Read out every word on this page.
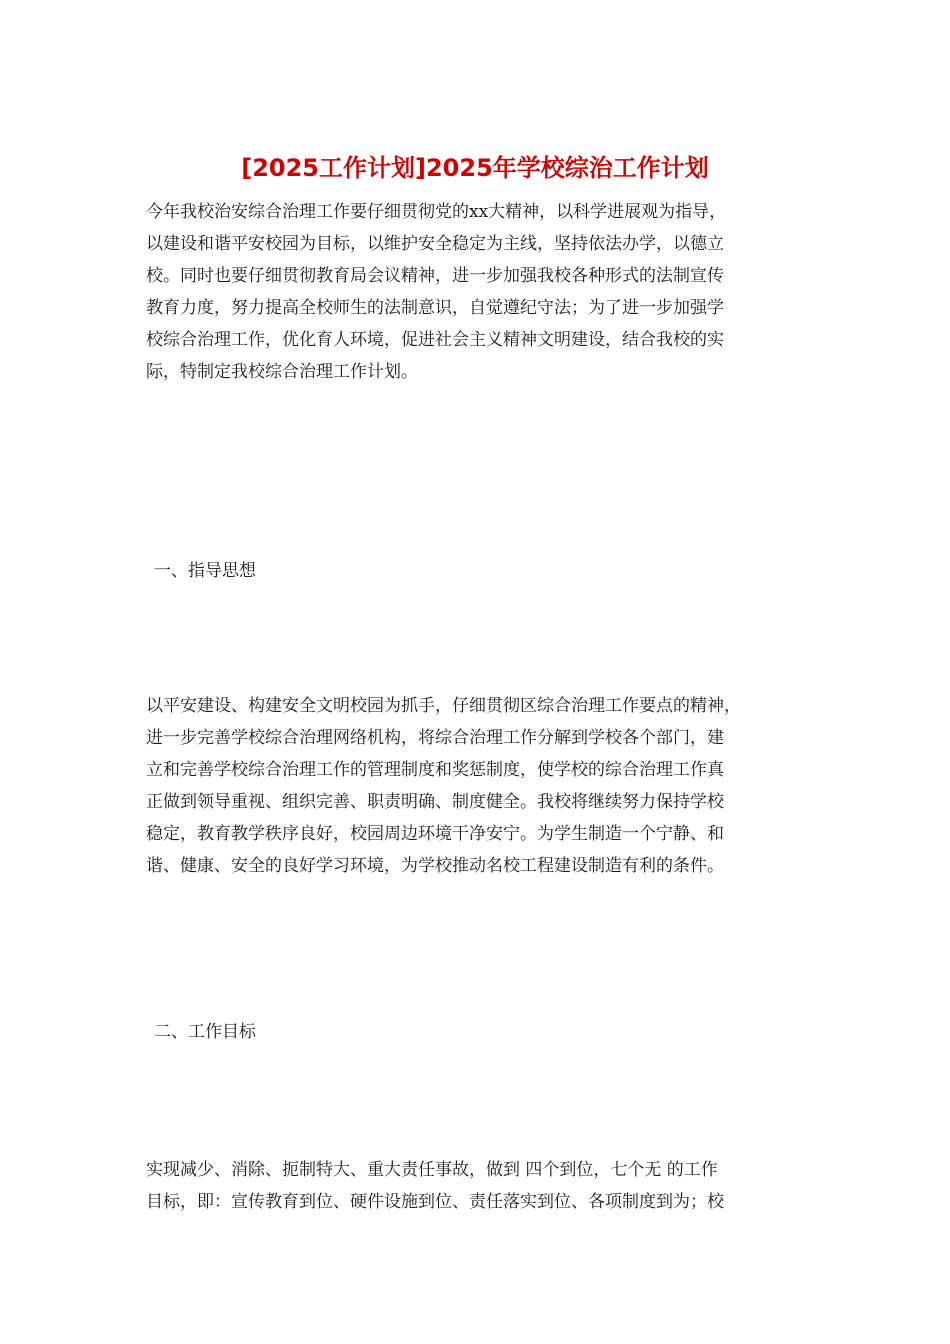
[2025工作计划]2025年学校综治工作计划
今年我校治安综合治理工作要仔细贯彻党的xx大精神，以科学进展观为指导，
以建设和谐平安校园为目标，以维护安全稳定为主线，坚持依法办学，以德立
校。同时也要仔细贯彻教育局会议精神，进一步加强我校各种形式的法制宣传
教育力度，努力提高全校师生的法制意识，自觉遵纪守法；为了进一步加强学
校综合治理工作，优化育人环境，促进社会主义精神文明建设，结合我校的实
际，特制定我校综合治理工作计划。
一、指导思想
以平安建设、构建安全文明校园为抓手，仔细贯彻区综合治理工作要点的精神，
进一步完善学校综合治理网络机构，将综合治理工作分解到学校各个部门，建
立和完善学校综合治理工作的管理制度和奖惩制度，使学校的综合治理工作真
正做到领导重视、组织完善、职责明确、制度健全。我校将继续努力保持学校
稳定，教育教学秩序良好，校园周边环境干净安宁。为学生制造一个宁静、和
谐、健康、安全的良好学习环境，为学校推动名校工程建设制造有利的条件。
二、工作目标
实现减少、消除、扼制特大、重大责任事故，做到 四个到位，七个无 的工作
目标，即：宣传教育到位、硬件设施到位、责任落实到位、各项制度到为；校
